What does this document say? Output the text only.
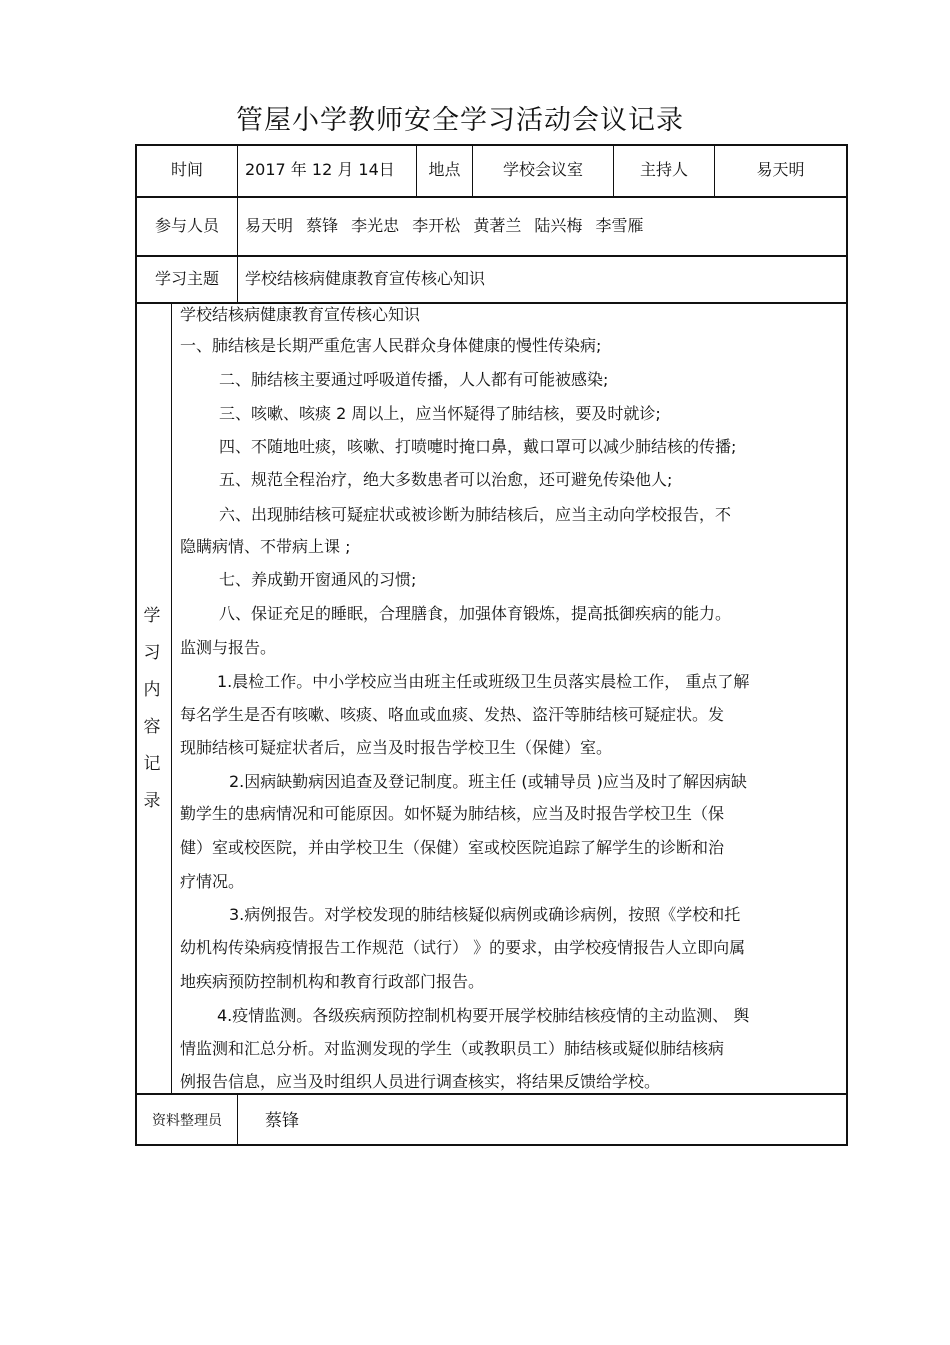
管屋小学教师安全学习活动会议记录
时间	2017 年 12 月 14日	地点	学校会议室	主持人	易天明
参与人员	易天明 蔡锋 李光忠 李开松 黄著兰 陆兴梅 李雪雁
学习主题	学校结核病健康教育宣传核心知识
学
习
内
容
记
录
学校结核病健康教育宣传核心知识
一、肺结核是长期严重危害人民群众身体健康的慢性传染病;
二、肺结核主要通过呼吸道传播，人人都有可能被感染;
三、咳嗽、咳痰 2 周以上，应当怀疑得了肺结核，要及时就诊;
四、不随地吐痰，咳嗽、打喷嚏时掩口鼻，戴口罩可以减少肺结核的传播;
五、规范全程治疗，绝大多数患者可以治愈，还可避免传染他人;
六、出现肺结核可疑症状或被诊断为肺结核后，应当主动向学校报告，不
隐瞒病情、不带病上课 ;
七、养成勤开窗通风的习惯;
八、保证充足的睡眠，合理膳食，加强体育锻炼，提高抵御疾病的能力。
监测与报告。
1.晨检工作。中小学校应当由班主任或班级卫生员落实晨检工作， 重点了解
每名学生是否有咳嗽、咳痰、咯血或血痰、发热、盗汗等肺结核可疑症状。发
现肺结核可疑症状者后，应当及时报告学校卫生（保健）室。
2.因病缺勤病因追查及登记制度。班主任 (或辅导员 )应当及时了解因病缺
勤学生的患病情况和可能原因。如怀疑为肺结核，应当及时报告学校卫生（保
健）室或校医院，并由学校卫生（保健）室或校医院追踪了解学生的诊断和治
疗情况。
3.病例报告。对学校发现的肺结核疑似病例或确诊病例，按照《学校和托
幼机构传染病疫情报告工作规范（试行） 》的要求，由学校疫情报告人立即向属
地疾病预防控制机构和教育行政部门报告。
4.疫情监测。各级疾病预防控制机构要开展学校肺结核疫情的主动监测、 舆
情监测和汇总分析。对监测发现的学生（或教职员工）肺结核或疑似肺结核病
例报告信息，应当及时组织人员进行调查核实，将结果反馈给学校。
资料整理员	蔡锋
